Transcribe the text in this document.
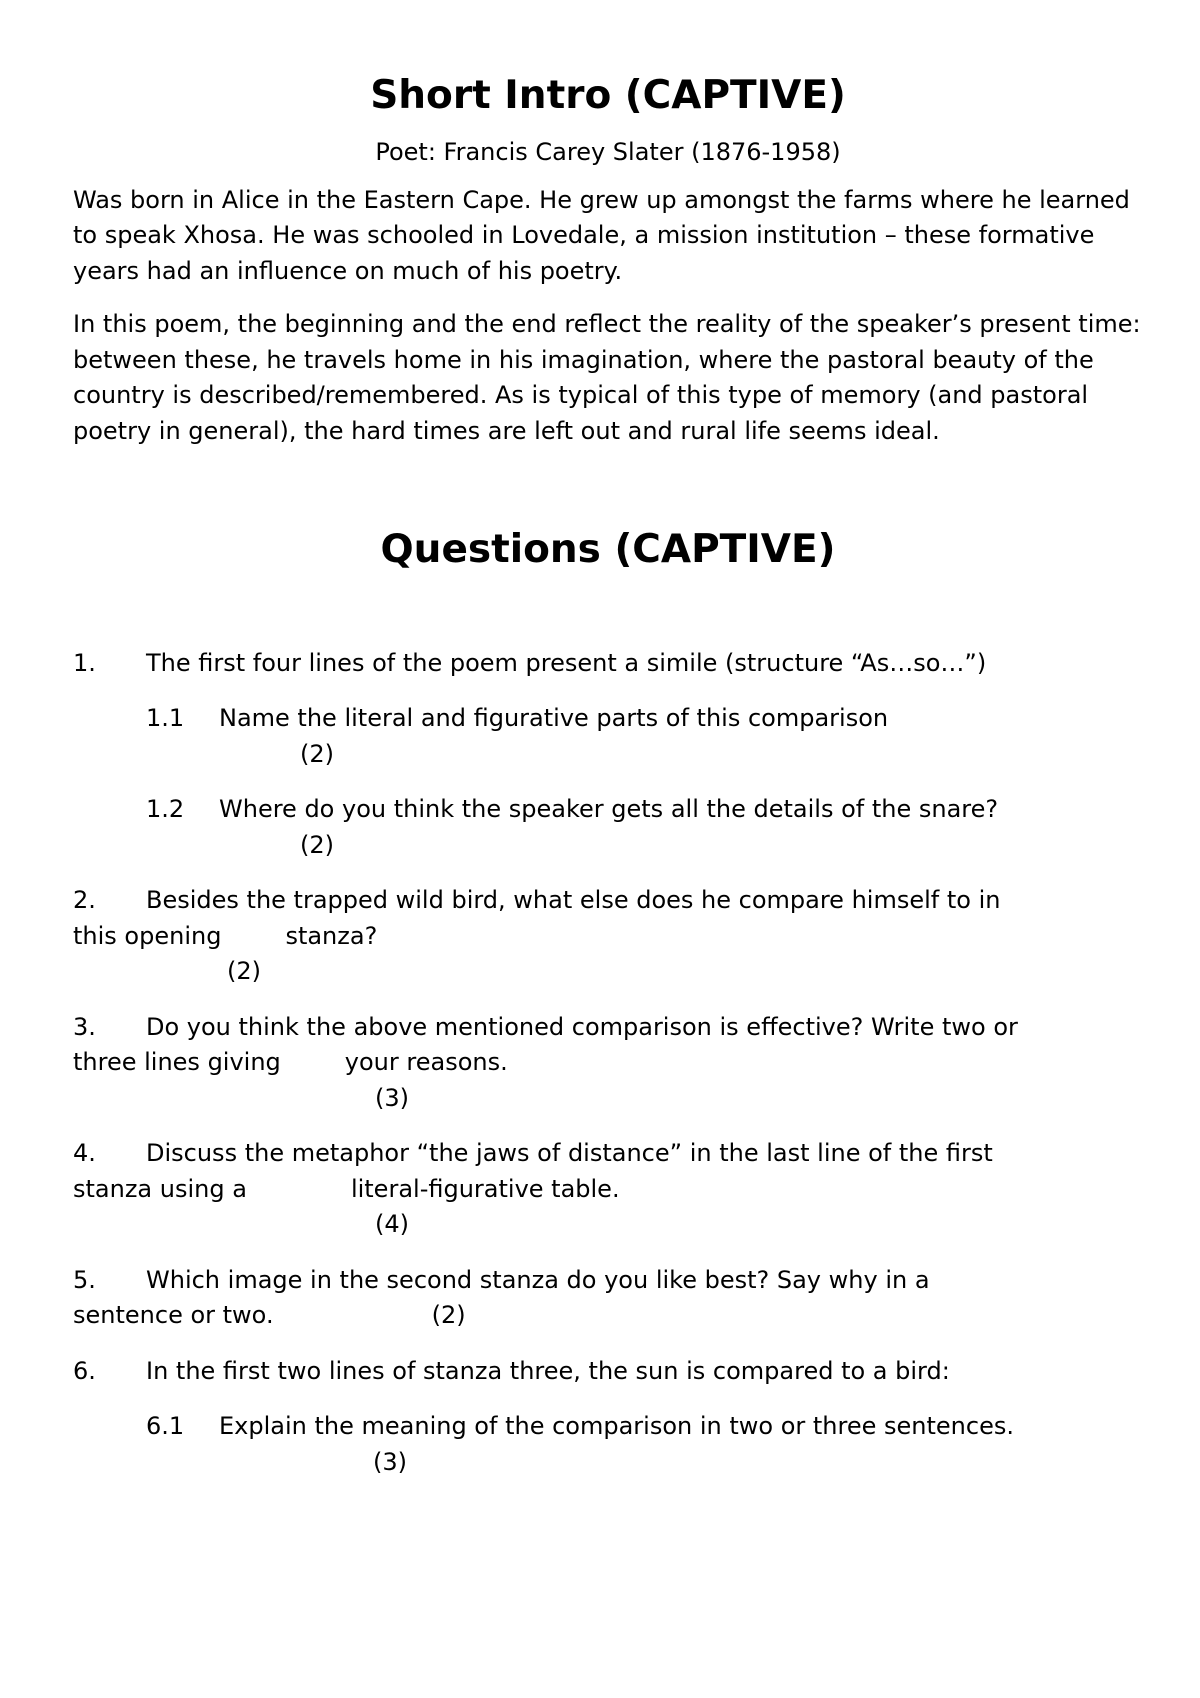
Short Intro (CAPTIVE)

Poet: Francis Carey Slater (1876-1958)

Was born in Alice in the Eastern Cape. He grew up amongst the farms where he learned to speak Xhosa. He was schooled in Lovedale, a mission institution – these formative years had an influence on much of his poetry.

In this poem, the beginning and the end reflect the reality of the speaker’s present time: between these, he travels home in his imagination, where the pastoral beauty of the country is described/remembered. As is typical of this type of memory (and pastoral poetry in general), the hard times are left out and rural life seems ideal.

Questions (CAPTIVE)
1. The first four lines of the poem present a simile (structure “As…so…”)
1.1 Name the literal and figurative parts of this comparison
(2)
1.2 Where do you think the speaker gets all the details of the snare?
(2)
2. Besides the trapped wild bird, what else does he compare himself to in
this opening	stanza?
(2)
3. Do you think the above mentioned comparison is effective? Write two or
three lines giving	your reasons.
(3)
4. Discuss the metaphor “the jaws of distance” in the last line of the first
stanza using a	literal-figurative table.
(4)
5. Which image in the second stanza do you like best? Say why in a
sentence or two.	(2)
6. In the first two lines of stanza three, the sun is compared to a bird:
6.1 Explain the meaning of the comparison in two or three sentences.
(3)
